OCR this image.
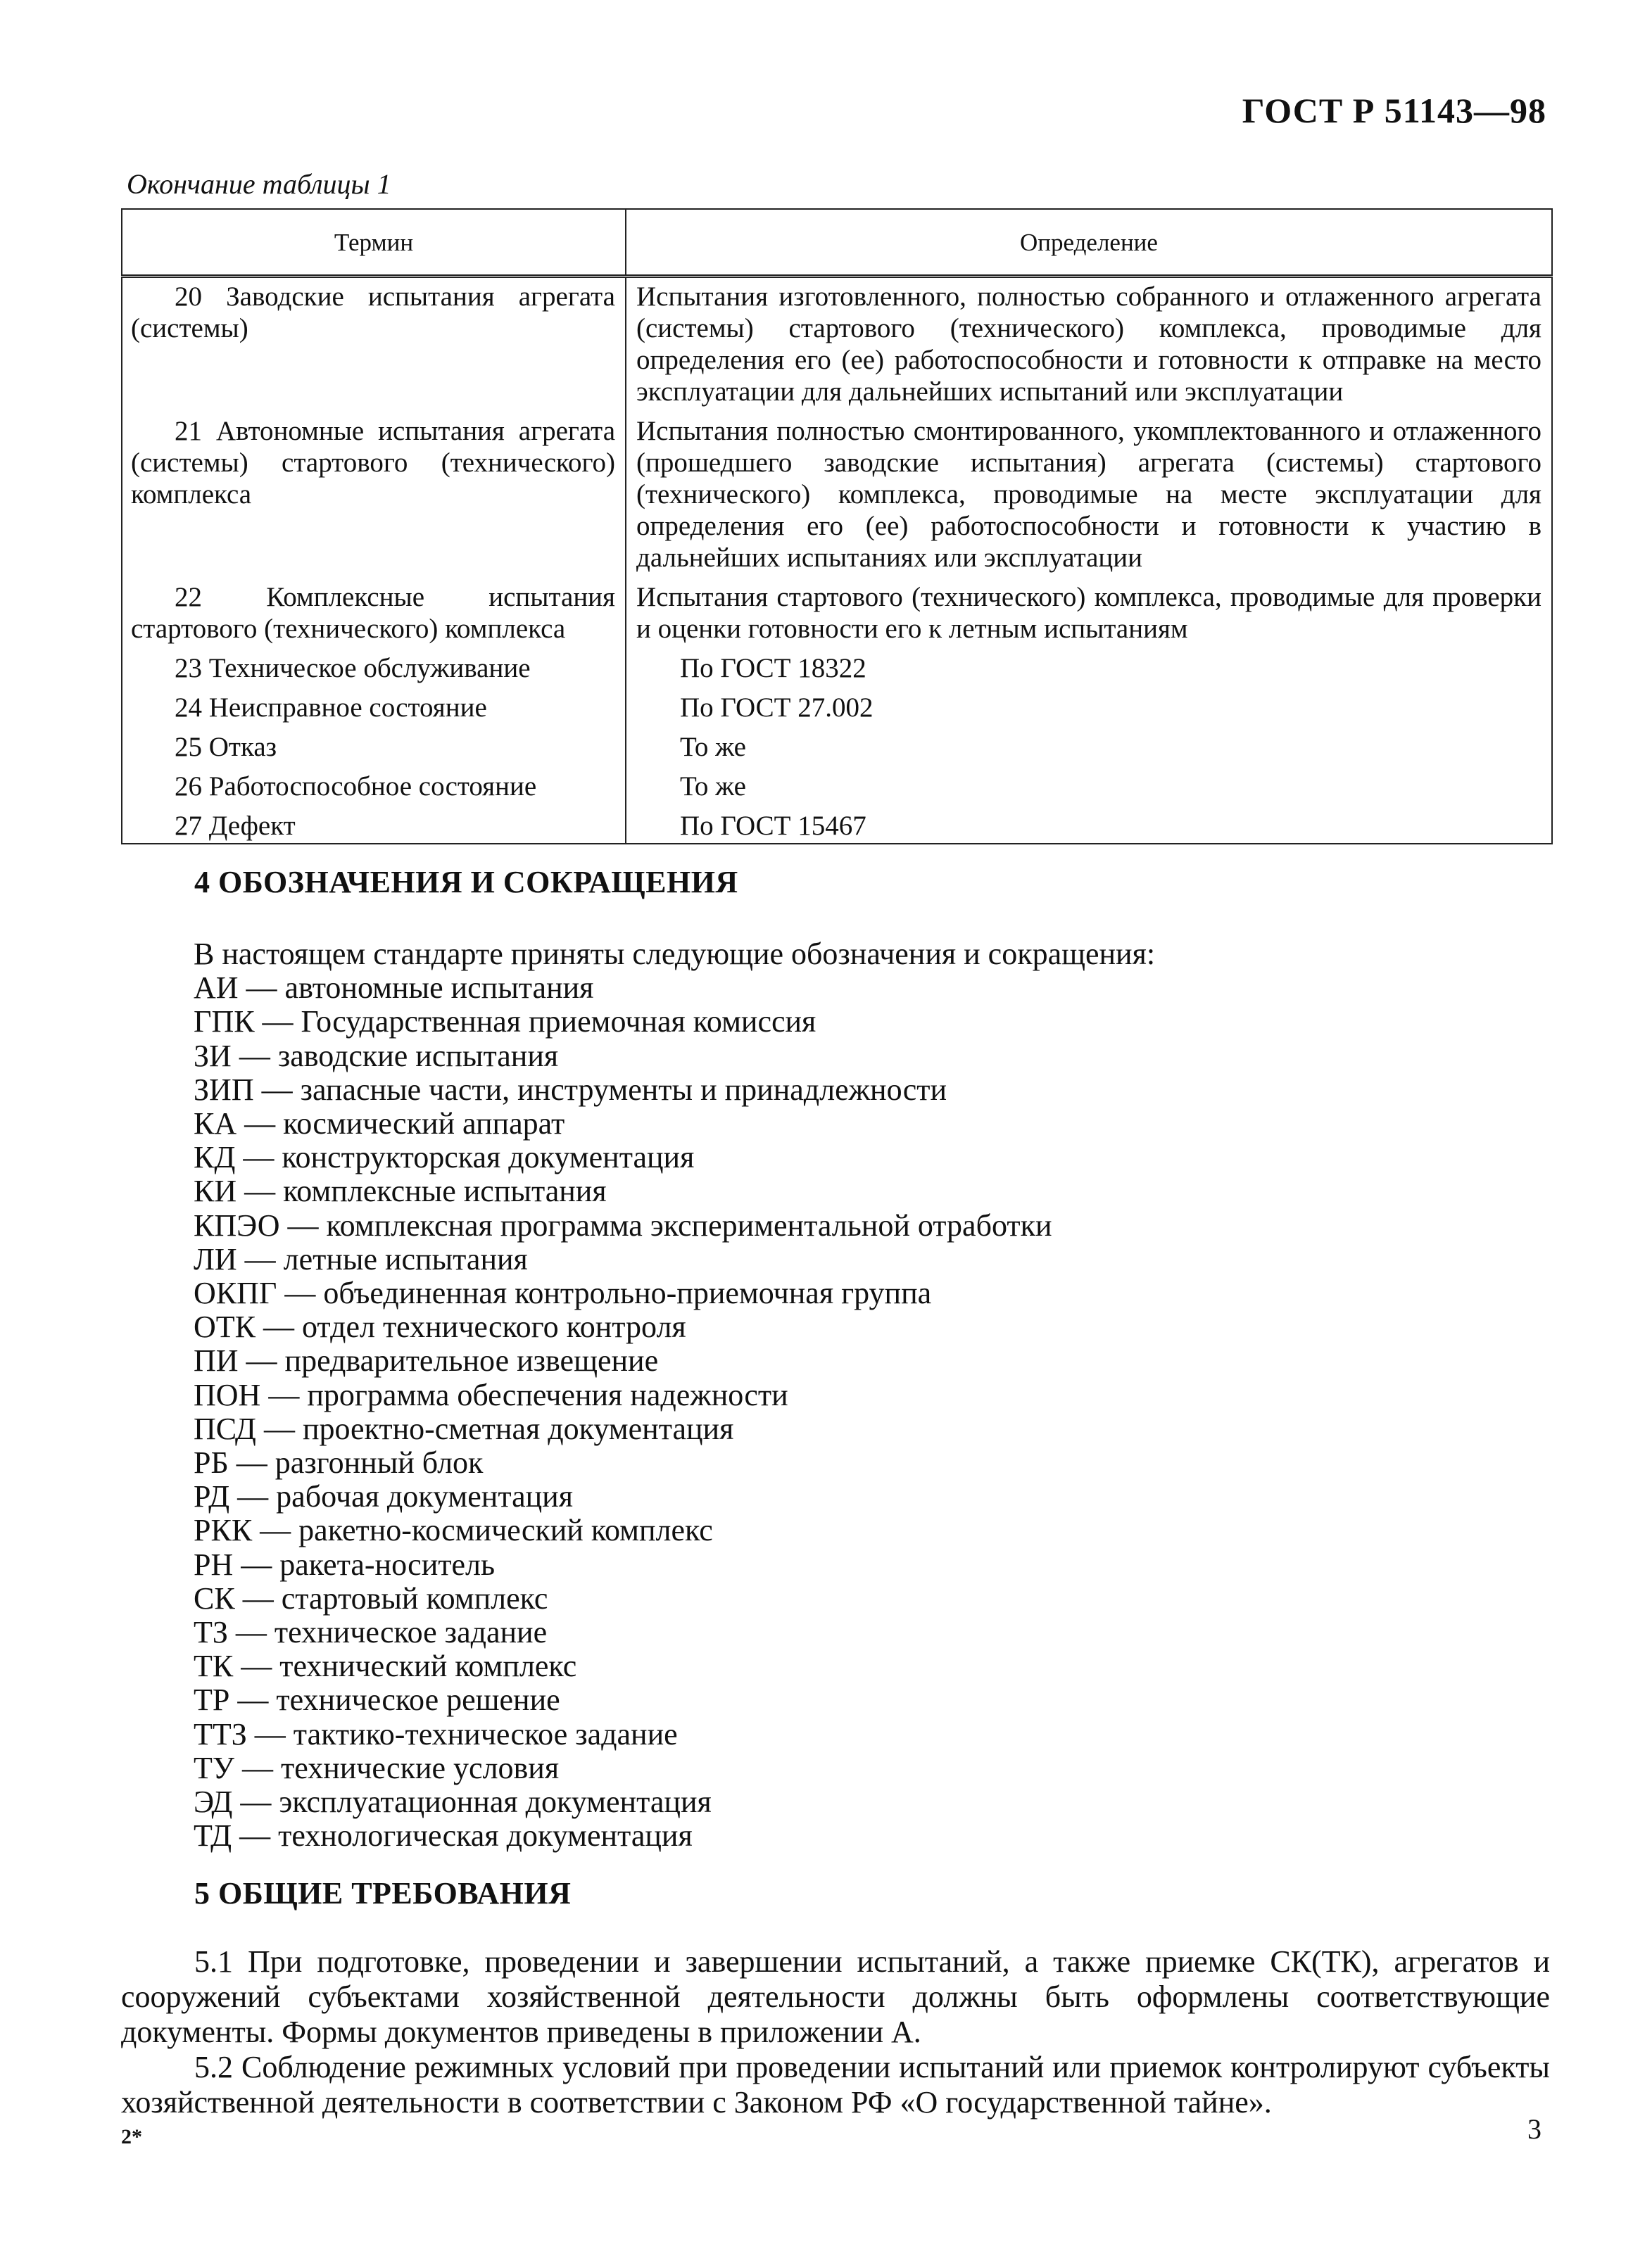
ГОСТ Р 51143—98
Окончание таблицы 1
Термин	Определение
20 Заводские испытания агрегата (системы)	Испытания изготовленного, полностью собранного и отлаженного агрегата (системы) стартового (технического) комплекса, проводимые для определения его (ее) работоспособности и готовности к отправке на место эксплуатации для дальнейших испытаний или эксплуатации
21 Автономные испытания агрегата (системы) стартового (технического) комплекса	Испытания полностью смонтированного, укомплектованного и отлаженного (прошедшего заводские испытания) агрегата (системы) стартового (технического) комплекса, проводимые на месте эксплуатации для определения его (ее) работоспособности и готовности к участию в дальнейших испытаниях или эксплуатации
22 Комплексные испытания стартового (технического) комплекса	Испытания стартового (технического) комплекса, проводимые для проверки и оценки готовности его к летным испытаниям
23 Техническое обслуживание	По ГОСТ 18322
24 Неисправное состояние	По ГОСТ 27.002
25 Отказ	То же
26 Работоспособное состояние	То же
27 Дефект	По ГОСТ 15467
4 ОБОЗНАЧЕНИЯ И СОКРАЩЕНИЯ
В настоящем стандарте приняты следующие обозначения и сокращения:
АИ — автономные испытания
ГПК — Государственная приемочная комиссия
ЗИ — заводские испытания
ЗИП — запасные части, инструменты и принадлежности
КА — космический аппарат
КД — конструкторская документация
КИ — комплексные испытания
КПЭО — комплексная программа экспериментальной отработки
ЛИ — летные испытания
ОКПГ — объединенная контрольно-приемочная группа
ОТК — отдел технического контроля
ПИ — предварительное извещение
ПОН — программа обеспечения надежности
ПСД — проектно-сметная документация
РБ — разгонный блок
РД — рабочая документация
РКК — ракетно-космический комплекс
РН — ракета-носитель
СК — стартовый комплекс
ТЗ — техническое задание
ТК — технический комплекс
ТР — техническое решение
ТТЗ — тактико-техническое задание
ТУ — технические условия
ЭД — эксплуатационная документация
ТД — технологическая документация
5 ОБЩИЕ ТРЕБОВАНИЯ

5.1 При подготовке, проведении и завершении испытаний, а также приемке СК(ТК), агрегатов и сооружений субъектами хозяйственной деятельности должны быть оформлены соответствующие документы. Формы документов приведены в приложении А.

5.2 Соблюдение режимных условий при проведении испытаний или приемок контролируют субъекты хозяйственной деятельности в соответствии с Законом РФ «О государственной тайне».

3
2*
